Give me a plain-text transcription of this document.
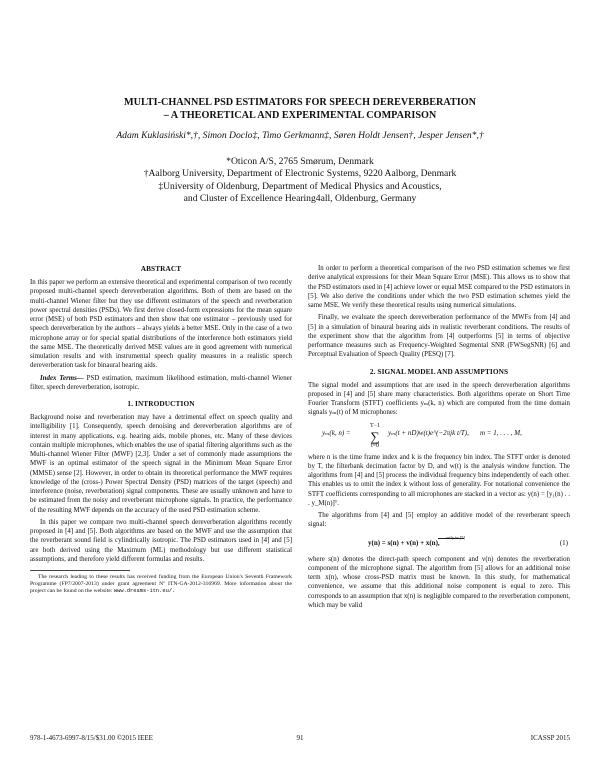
MULTI-CHANNEL PSD ESTIMATORS FOR SPEECH DEREVERBERATION
– A THEORETICAL AND EXPERIMENTAL COMPARISON
Adam Kuklasiński*,†, Simon Doclo‡, Timo Gerkmann‡, Søren Holdt Jensen†, Jesper Jensen*,†
*Oticon A/S, 2765 Smørum, Denmark
†Aalborg University, Department of Electronic Systems, 9220 Aalborg, Denmark
‡University of Oldenburg, Department of Medical Physics and Acoustics,
and Cluster of Excellence Hearing4all, Oldenburg, Germany
ABSTRACT

In this paper we perform an extensive theoretical and experimental comparison of two recently proposed multi-channel speech dereverberation algorithms. Both of them are based on the multi-channel Wiener filter but they use different estimators of the speech and reverberation power spectral densities (PSDs). We first derive closed-form expressions for the mean square error (MSE) of both PSD estimators and then show that one estimator – previously used for speech dereverberation by the authors – always yields a better MSE. Only in the case of a two microphone array or for special spatial distributions of the interference both estimators yield the same MSE. The theoretically derived MSE values are in good agreement with numerical simulation results and with instrumental speech quality measures in a realistic speech dereverberation task for binaural hearing aids.

Index Terms— PSD estimation, maximum likelihood estimation, multi-channel Wiener filter, speech dereverberation, isotropic.

1. INTRODUCTION

Background noise and reverberation may have a detrimental effect on speech quality and intelligibility [1]. Consequently, speech denoising and dereverberation algorithms are of interest in many applications, e.g. hearing aids, mobile phones, etc. Many of these devices contain multiple microphones, which enables the use of spatial filtering algorithms such as the Multi-channel Wiener Filter (MWF) [2,3]. Under a set of commonly made assumptions the MWF is an optimal estimator of the speech signal in the Minimum Mean Square Error (MMSE) sense [2]. However, in order to obtain its theoretical performance the MWF requires knowledge of the (cross-) Power Spectral Density (PSD) matrices of the target (speech) and interference (noise, reverberation) signal components. These are usually unknown and have to be estimated from the noisy and reverberant microphone signals. In practice, the performance of the resulting MWF depends on the accuracy of the used PSD estimation scheme.

In this paper we compare two multi-channel speech dereverberation algorithms recently proposed in [4] and [5]. Both algorithms are based on the MWF and use the assumption that the reverberant sound field is cylindrically isotropic. The PSD estimators used in [4] and [5] are both derived using the Maximum (ML) methodology but use different statistical assumptions, and therefore yield different formulas and results.

The research leading to these results has received funding from the European Union's Seventh Framework Programme (FP7/2007-2013) under grant agreement Nº ITN-GA-2012-316969. More information about the project can be found on the website: www.dreams-itn.eu/.

In order to perform a theoretical comparison of the two PSD estimation schemes we first derive analytical expressions for their Mean Square Error (MSE). This allows us to show that the PSD estimators used in [4] achieve lower or equal MSE compared to the PSD estimators in [5]. We also derive the conditions under which the two PSD estimation schemes yield the same MSE. We verify these theoretical results using numerical simulations.

Finally, we evaluate the speech dereverberation performance of the MWFs from [4] and [5] in a simulation of binaural hearing aids in realistic reverberant conditions. The results of the experiment show that the algorithm from [4] outperforms [5] in terms of objective performance measures such as Frequency-Weighted Segmental SNR (FWSegSNR) [6] and Perceptual Evaluation of Speech Quality (PESQ) [7].

2. SIGNAL MODEL AND ASSUMPTIONS

The signal model and assumptions that are used in the speech dereverberation algorithms proposed in [4] and [5] share many characteristics. Both algorithms operate on Short Time Fourier Transform (STFT) coefficients yₘ(k, n) which are computed from the time domain signals yₘ(t) of M microphones:

yₘ(k, n) =
T−1
∑
t=0
yₘ(t + nD)w(t)e^(−2πjk t/T), m = 1, . . . , M,

where n is the time frame index and k is the frequency bin index. The STFT order is denoted by T, the filterbank decimation factor by D, and w(t) is the analysis window function. The algorithms from [4] and [5] process the individual frequency bins independently of each other. This enables us to omit the index k without loss of generality. For notational convenience the STFT coefficients corresponding to all microphones are stacked in a vector as: y(n) = [y₁(n) . . . y_M(n)]ᵀ.

The algorithms from [4] and [5] employ an additive model of the reverberant speech signal:

only in [5]
y(n) = s(n) + v(n) + x(n),	(1)

where s(n) denotes the direct-path speech component and v(n) denotes the reverberation component of the microphone signal. The algorithm from [5] allows for an additional noise term x(n), whose cross-PSD matrix must be known. In this study, for mathematical convenience, we assume that this additional noise component is equal to zero. This corresponds to an assumption that x(n) is negligible compared to the reverberation component, which may be valid

978-1-4673-6997-8/15/$31.00 ©2015 IEEE	91	ICASSP 2015
